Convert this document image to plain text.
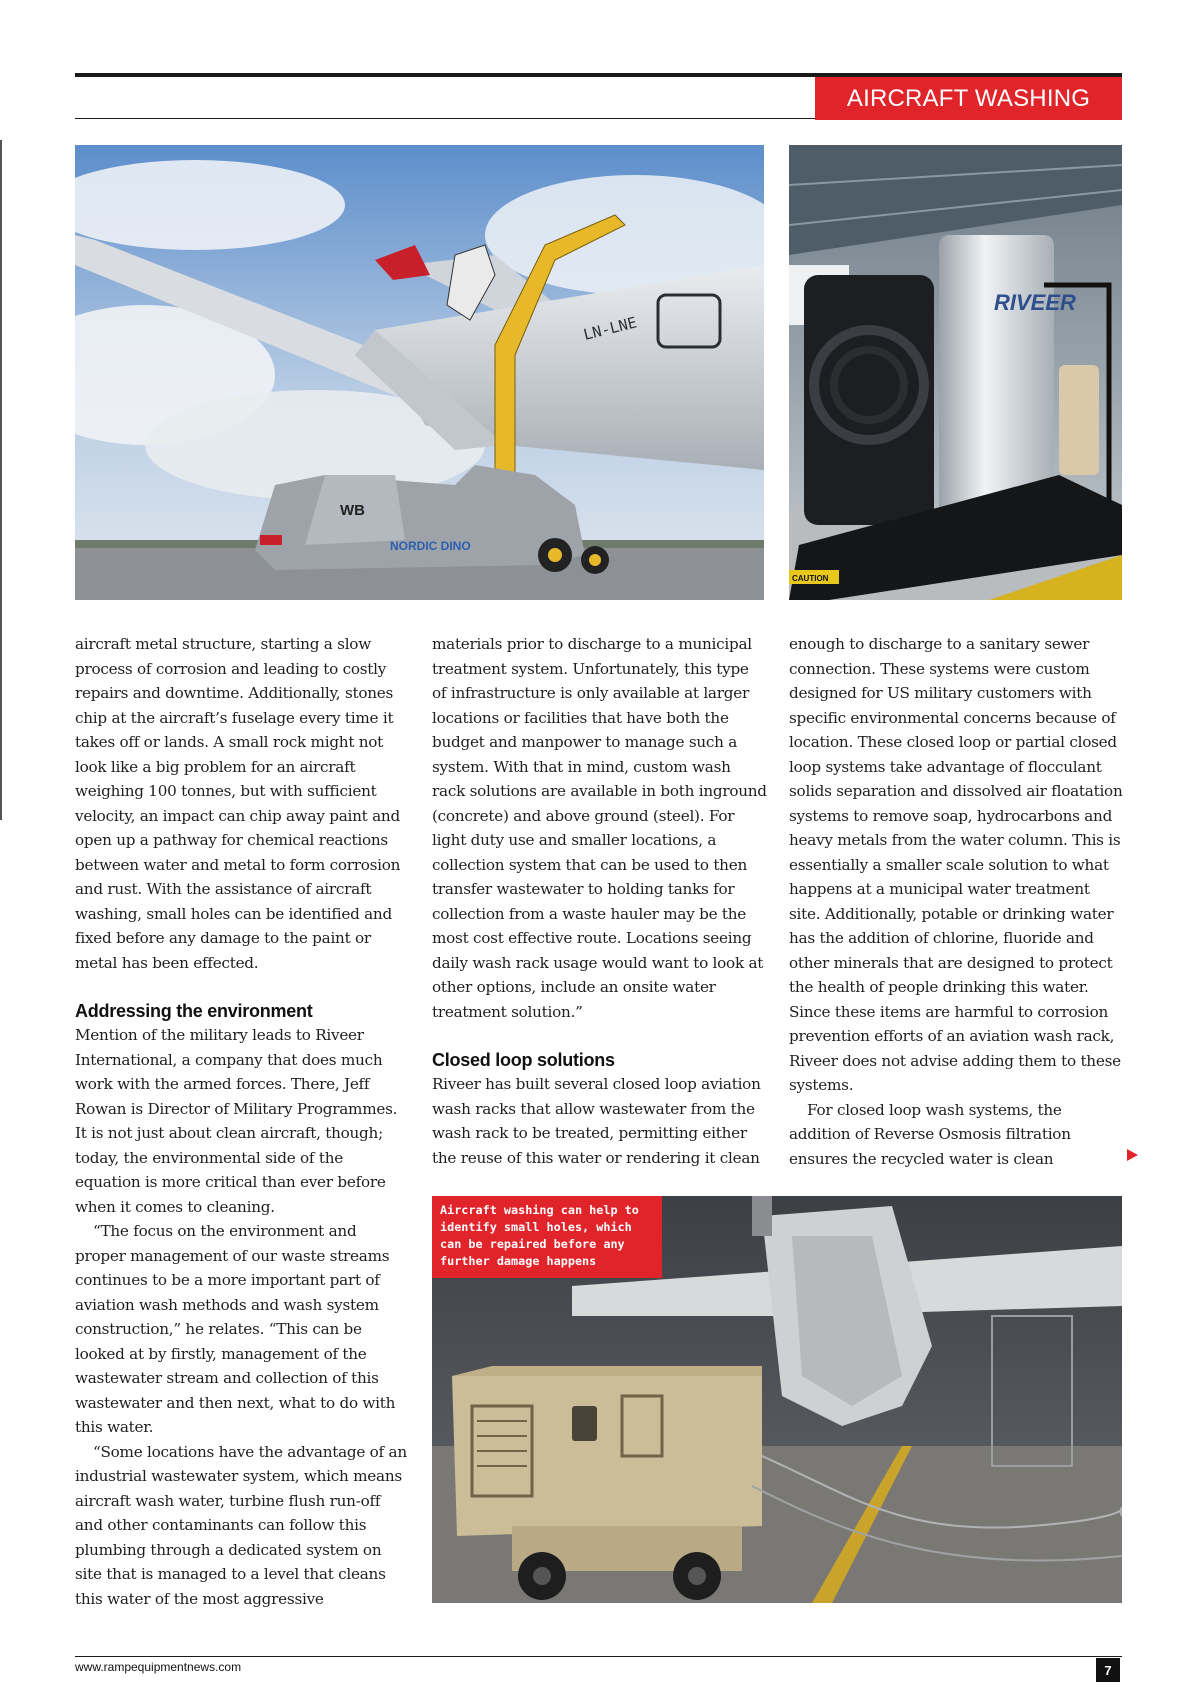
AIRCRAFT WASHING
LN-LNE
WB
NORDIC DINO
RIVEER
CAUTION

aircraft metal structure, starting a slow process of corrosion and leading to costly repairs and downtime. Additionally, stones chip at the aircraft’s fuselage every time it takes off or lands. A small rock might not look like a big problem for an aircraft weighing 100 tonnes, but with sufficient velocity, an impact can chip away paint and open up a pathway for chemical reactions between water and metal to form corrosion and rust. With the assistance of aircraft washing, small holes can be identified and fixed before any damage to the paint or metal has been effected.

Addressing the environment

Mention of the military leads to Riveer International, a company that does much work with the armed forces. There, Jeff Rowan is Director of Military Programmes. It is not just about clean aircraft, though; today, the environmental side of the equation is more critical than ever before when it comes to cleaning.

“The focus on the environment and proper management of our waste streams continues to be a more important part of aviation wash methods and wash system construction,” he relates. “This can be looked at by firstly, management of the wastewater stream and collection of this wastewater and then next, what to do with this water.

“Some locations have the advantage of an industrial wastewater system, which means aircraft wash water, turbine flush run-off and other contaminants can follow this plumbing through a dedicated system on site that is managed to a level that cleans this water of the most aggressive

materials prior to discharge to a municipal treatment system. Unfortunately, this type of infrastructure is only available at larger locations or facilities that have both the budget and manpower to manage such a system. With that in mind, custom wash rack solutions are available in both inground (concrete) and above ground (steel). For light duty use and smaller locations, a collection system that can be used to then transfer wastewater to holding tanks for collection from a waste hauler may be the most cost effective route. Locations seeing daily wash rack usage would want to look at other options, include an onsite water treatment solution.”

Closed loop solutions

Riveer has built several closed loop aviation wash racks that allow wastewater from the wash rack to be treated, permitting either the reuse of this water or rendering it clean

enough to discharge to a sanitary sewer connection. These systems were custom designed for US military customers with specific environmental concerns because of location. These closed loop or partial closed loop systems take advantage of flocculant solids separation and dissolved air floatation systems to remove soap, hydrocarbons and heavy metals from the water column. This is essentially a smaller scale solution to what happens at a municipal water treatment site. Additionally, potable or drinking water has the addition of chlorine, fluoride and other minerals that are designed to protect the health of people drinking this water. Since these items are harmful to corrosion prevention efforts of an aviation wash rack, Riveer does not advise adding them to these systems.

For closed loop wash systems, the addition of Reverse Osmosis filtration ensures the recycled water is clean

Aircraft washing can help to identify small holes, which can be repaired before any further damage happens
www.rampequipmentnews.com	7
